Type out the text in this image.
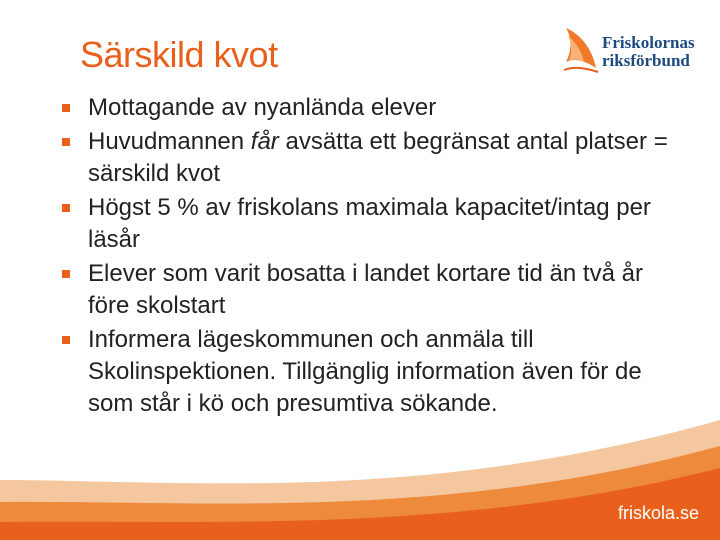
Särskild kvot	Friskolornas
riksförbund
Mottagande av nyanlända elever
Huvudmannen får avsätta ett begränsat antal platser = särskild kvot
Högst 5 % av friskolans maximala kapacitet/intag per läsår
Elever som varit bosatta i landet kortare tid än två år före skolstart
Informera lägeskommunen och anmäla till Skolinspektionen. Tillgänglig information även för de som står i kö och presumtiva sökande.
friskola.se
